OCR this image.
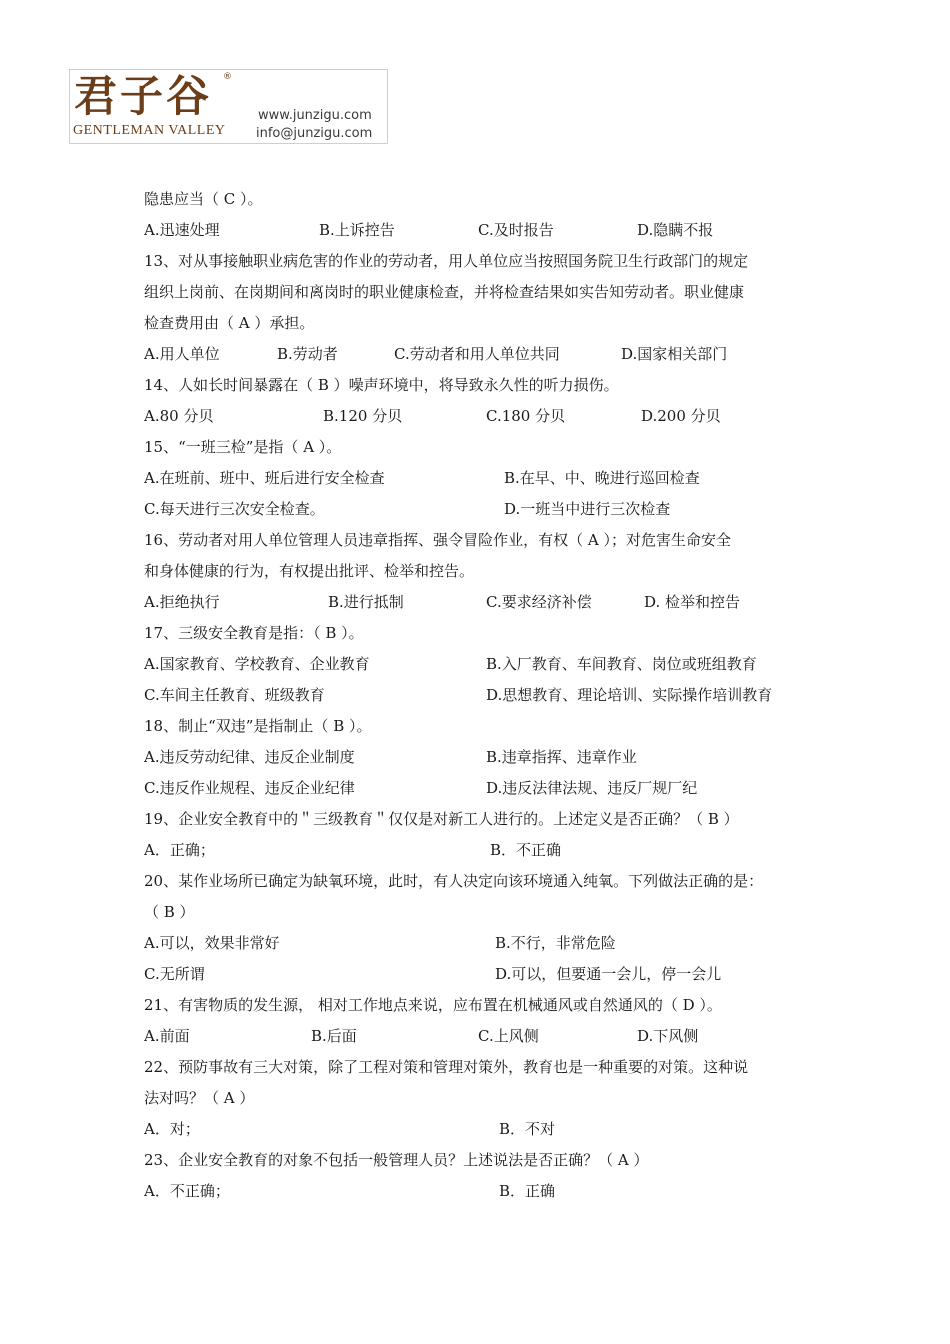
君子谷 ®
GENTLEMAN VALLEY
www.junzigu.com
info@junzigu.com
隐患应当（ C ）。
A.迅速处理	B.上诉控告	C.及时报告	D.隐瞒不报
13、对从事接触职业病危害的作业的劳动者，用人单位应当按照国务院卫生行政部门的规定
组织上岗前、在岗期间和离岗时的职业健康检查，并将检查结果如实告知劳动者。职业健康
检查费用由（ A ）承担。
A.用人单位	B.劳动者	C.劳动者和用人单位共同	D.国家相关部门
14、人如长时间暴露在（ B ）噪声环境中，将导致永久性的听力损伤。
A.80 分贝	B.120 分贝	C.180 分贝	D.200 分贝
15、“一班三检”是指（ A ）。
A.在班前、班中、班后进行安全检查	B.在早、中、晚进行巡回检查
C.每天进行三次安全检查。	D.一班当中进行三次检查
16、劳动者对用人单位管理人员违章指挥、强令冒险作业，有权（ A ）；对危害生命安全
和身体健康的行为，有权提出批评、检举和控告。
A.拒绝执行	B.进行抵制	C.要求经济补偿	D. 检举和控告
17、三级安全教育是指：（ B ）。
A.国家教育、学校教育、企业教育	B.入厂教育、车间教育、岗位或班组教育
C.车间主任教育、班级教育	D.思想教育、理论培训、实际操作培训教育
18、制止“双违”是指制止（ B ）。
A.违反劳动纪律、违反企业制度	B.违章指挥、违章作业
C.违反作业规程、违反企业纪律	D.违反法律法规、违反厂规厂纪
19、企业安全教育中的＂三级教育＂仅仅是对新工人进行的。上述定义是否正确？（ B ）
A．正确；	B．不正确
20、某作业场所已确定为缺氧环境，此时，有人决定向该环境通入纯氧。下列做法正确的是：
（ B ）
A.可以，效果非常好	B.不行，非常危险
C.无所谓	D.可以，但要通一会儿，停一会儿
21、有害物质的发生源， 相对工作地点来说，应布置在机械通风或自然通风的（ D ）。
A.前面	B.后面	C.上风侧	D.下风侧
22、预防事故有三大对策，除了工程对策和管理对策外，教育也是一种重要的对策。这种说
法对吗？（ A ）
A．对；	B．不对
23、企业安全教育的对象不包括一般管理人员？上述说法是否正确？（ A ）
A．不正确；	B．正确
